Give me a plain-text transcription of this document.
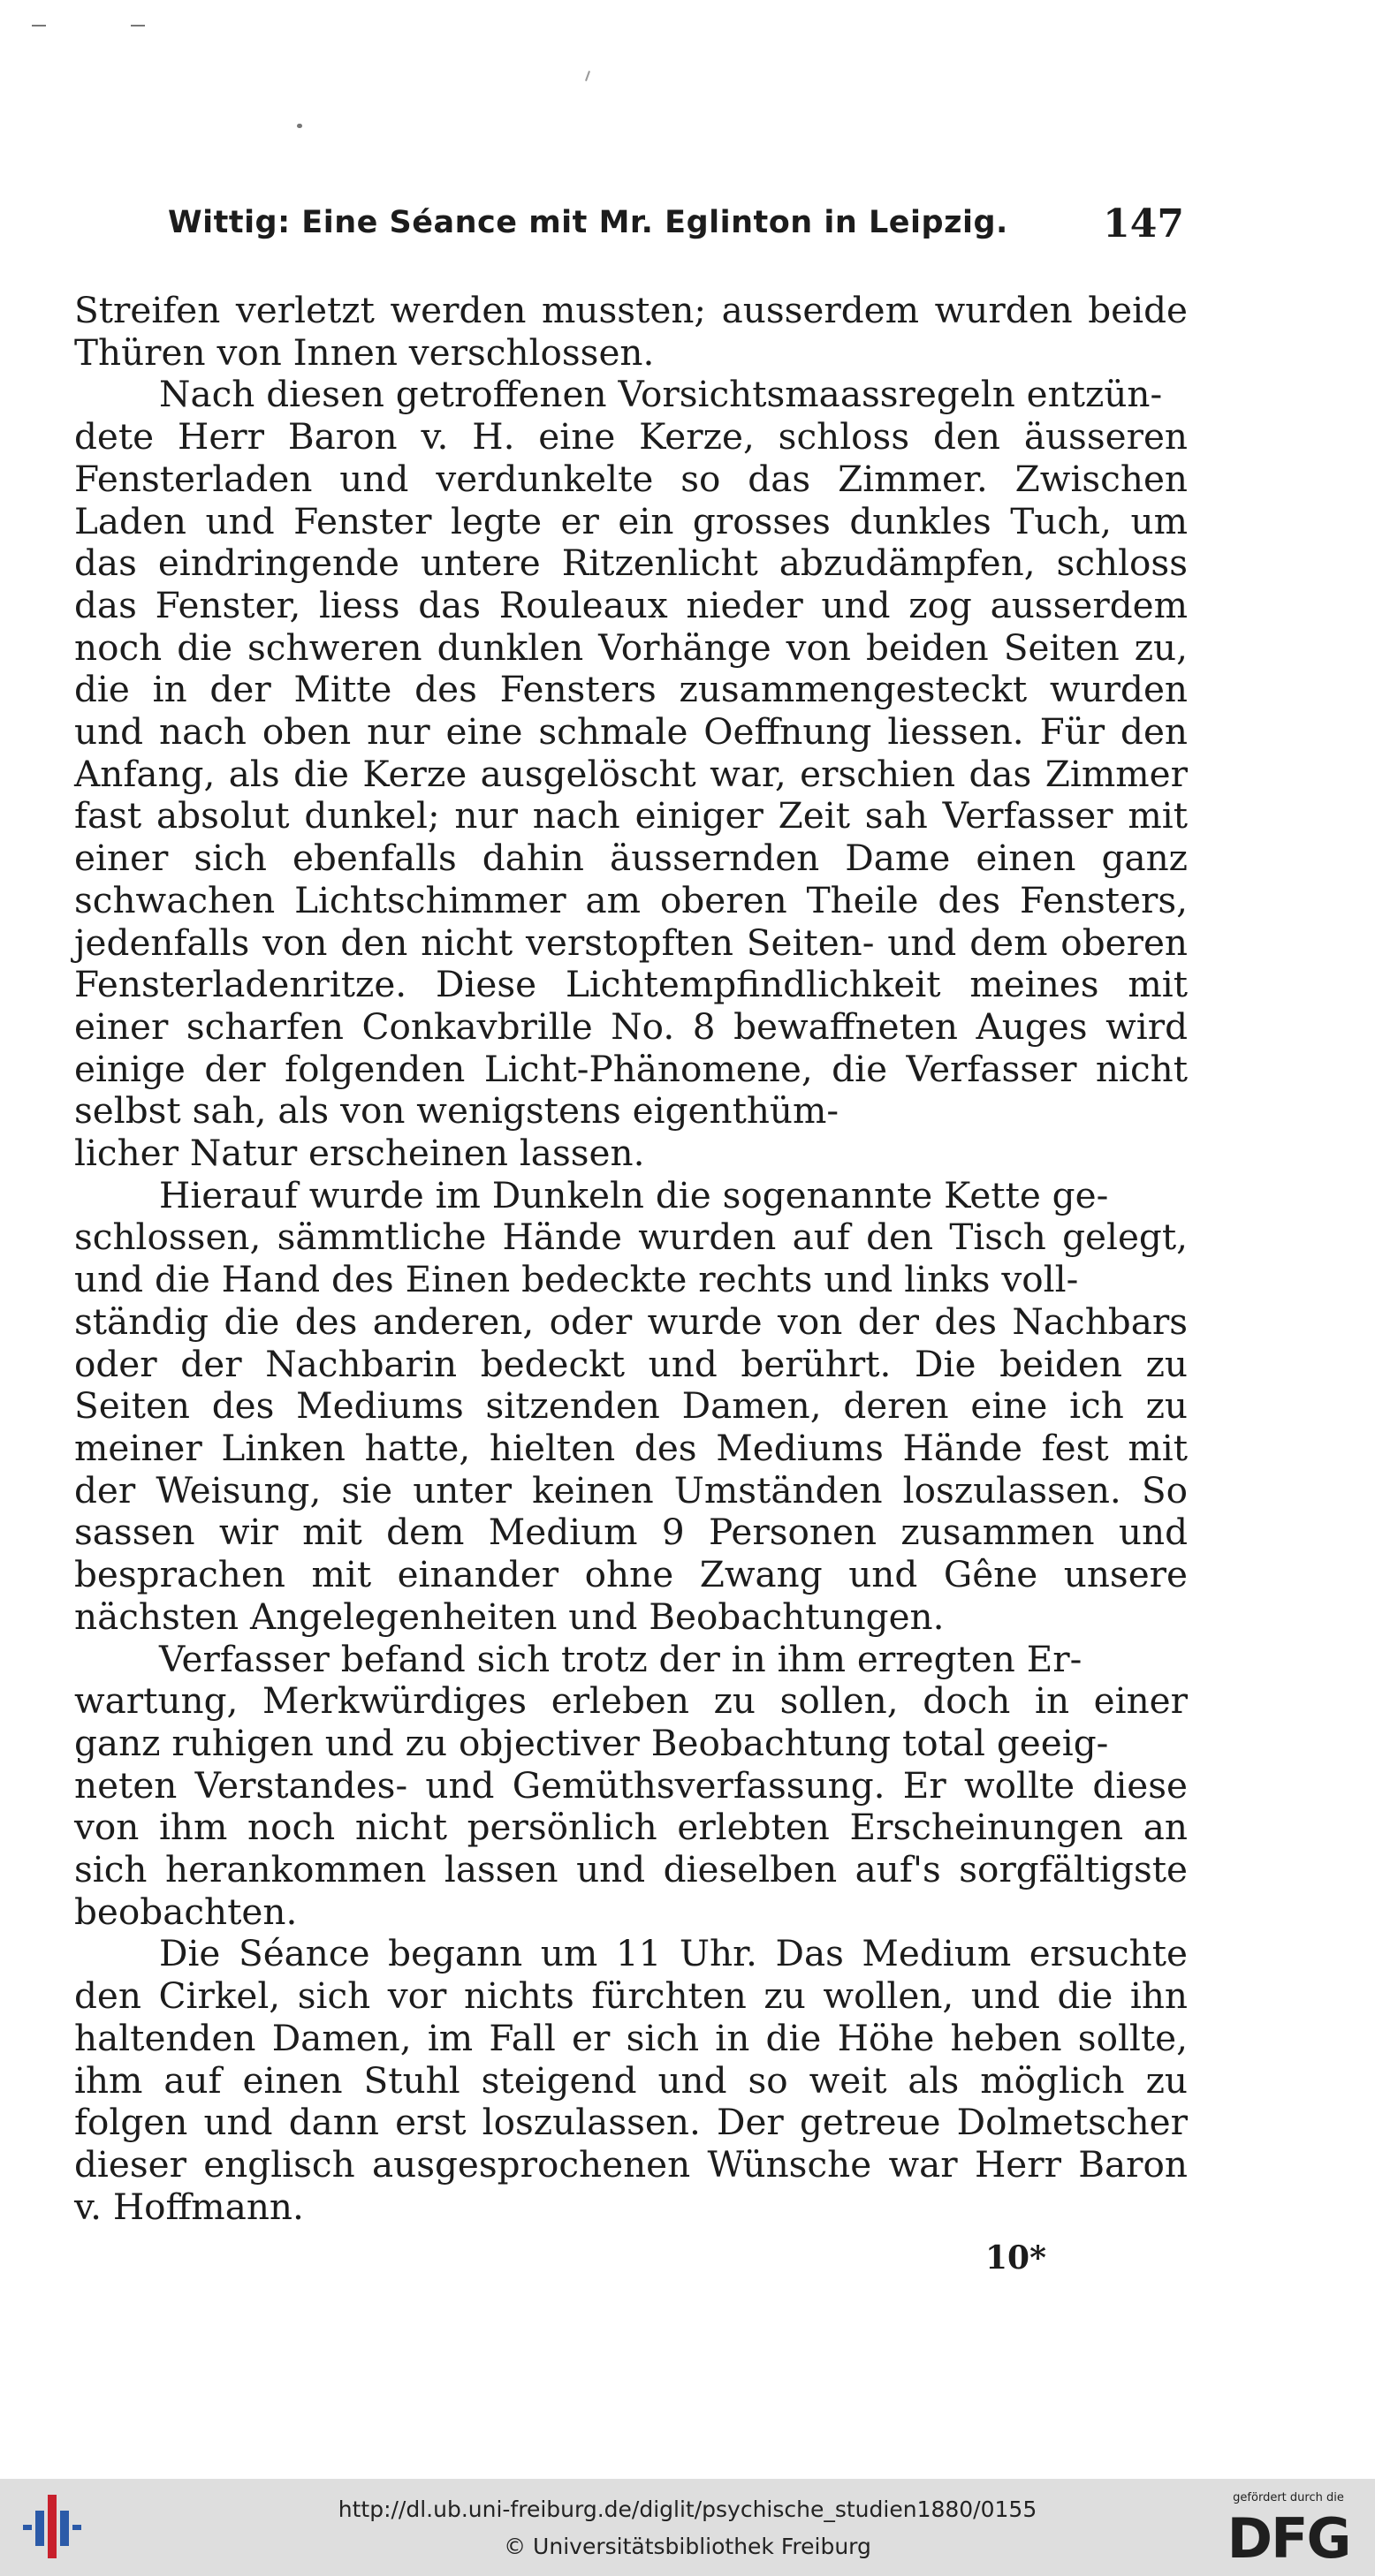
Wittig: Eine Séance mit Mr. Eglinton in Leipzig. 147

Streifen verletzt werden mussten; ausserdem wurden beide Thüren von Innen verschlossen.

Nach diesen getroffenen Vorsichtsmaassregeln entzün-
dete Herr Baron v. H. eine Kerze, schloss den äusseren Fensterladen und verdunkelte so das Zimmer. Zwischen Laden und Fenster legte er ein grosses dunkles Tuch, um das eindringende untere Ritzenlicht abzudämpfen, schloss das Fenster, liess das Rouleaux nieder und zog ausserdem noch die schweren dunklen Vorhänge von beiden Seiten zu, die in der Mitte des Fensters zusammengesteckt wurden und nach oben nur eine schmale Oeffnung liessen. Für den Anfang, als die Kerze ausgelöscht war, erschien das Zimmer fast absolut dunkel; nur nach einiger Zeit sah Verfasser mit einer sich ebenfalls dahin äussernden Dame einen ganz schwachen Lichtschimmer am oberen Theile des Fensters, jedenfalls von den nicht verstopften Seiten- und dem oberen Fensterladenritze. Diese Lichtempfindlichkeit meines mit einer scharfen Conkavbrille No. 8 bewaffneten Auges wird einige der folgenden Licht-Phänomene, die Verfasser nicht selbst sah, als von wenigstens eigenthüm-
licher Natur erscheinen lassen.

Hierauf wurde im Dunkeln die sogenannte Kette ge-
schlossen, sämmtliche Hände wurden auf den Tisch gelegt, und die Hand des Einen bedeckte rechts und links voll-
ständig die des anderen, oder wurde von der des Nachbars oder der Nachbarin bedeckt und berührt. Die beiden zu Seiten des Mediums sitzenden Damen, deren eine ich zu meiner Linken hatte, hielten des Mediums Hände fest mit der Weisung, sie unter keinen Umständen loszulassen. So sassen wir mit dem Medium 9 Personen zusammen und besprachen mit einander ohne Zwang und Gêne unsere nächsten Angelegenheiten und Beobachtungen.

Verfasser befand sich trotz der in ihm erregten Er-
wartung, Merkwürdiges erleben zu sollen, doch in einer ganz ruhigen und zu objectiver Beobachtung total geeig-
neten Verstandes- und Gemüthsverfassung. Er wollte diese von ihm noch nicht persönlich erlebten Erscheinungen an sich herankommen lassen und dieselben auf's sorgfältigste beobachten.

Die Séance begann um 11 Uhr. Das Medium ersuchte den Cirkel, sich vor nichts fürchten zu wollen, und die ihn haltenden Damen, im Fall er sich in die Höhe heben sollte, ihm auf einen Stuhl steigend und so weit als möglich zu folgen und dann erst loszulassen. Der getreue Dolmetscher dieser englisch ausgesprochenen Wünsche war Herr Baron v. Hoffmann.

10*
http://dl.ub.uni-freiburg.de/diglit/psychische_studien1880/0155
© Universitätsbibliothek Freiburg
gefördert durch die
DFG
